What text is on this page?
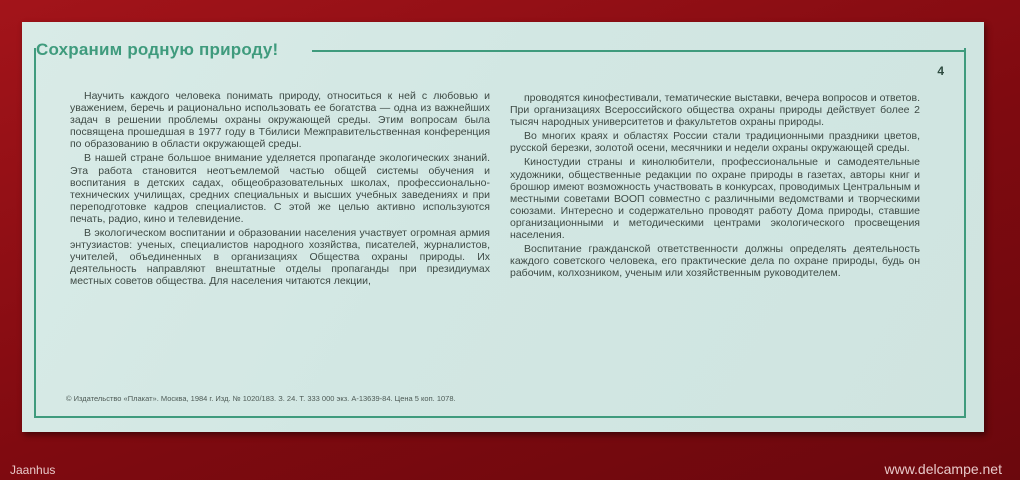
Сохраним родную природу!
4

Научить каждого человека понимать природу, относиться к ней с любовью и уважением, беречь и рационально использовать ее богатства — одна из важнейших задач в решении проблемы охраны окружающей среды. Этим вопросам была посвящена прошедшая в 1977 году в Тбилиси Межправительственная конференция по образованию в области окружающей среды.

В нашей стране большое внимание уделяется пропаганде экологических знаний. Эта работа становится неотъемлемой частью общей системы обучения и воспитания в детских садах, общеобразовательных школах, профессионально-технических училищах, средних специальных и высших учебных заведениях и при переподготовке кадров специалистов. С этой же целью активно используются печать, радио, кино и телевидение.

В экологическом воспитании и образовании населения участвует огромная армия энтузиастов: ученых, специалистов народного хозяйства, писателей, журналистов, учителей, объединенных в организациях Общества охраны природы. Их деятельность направляют внештатные отделы пропаганды при президиумах местных советов общества. Для населения читаются лекции,

проводятся кинофестивали, тематические выставки, вечера вопросов и ответов. При организациях Всероссийского общества охраны природы действует более 2 тысяч народных университетов и факультетов охраны природы.

Во многих краях и областях России стали традиционными праздники цветов, русской березки, золотой осени, месячники и недели охраны окружающей среды.

Киностудии страны и кинолюбители, профессиональные и самодеятельные художники, общественные редакции по охране природы в газетах, авторы книг и брошюр имеют возможность участвовать в конкурсах, проводимых Центральным и местными советами ВООП совместно с различными ведомствами и творческими союзами. Интересно и содержательно проводят работу Дома природы, ставшие организационными и методическими центрами экологического просвещения населения.

Воспитание гражданской ответственности должны определять деятельность каждого советского человека, его практические дела по охране природы, будь он рабочим, колхозником, ученым или хозяйственным руководителем.

© Издательство «Плакат». Москва, 1984 г. Изд. № 1020/183. З. 24. Т. 333 000 экз. А-13639-84. Цена 5 коп. 1078.
Jaanhus	www.delcampe.net
